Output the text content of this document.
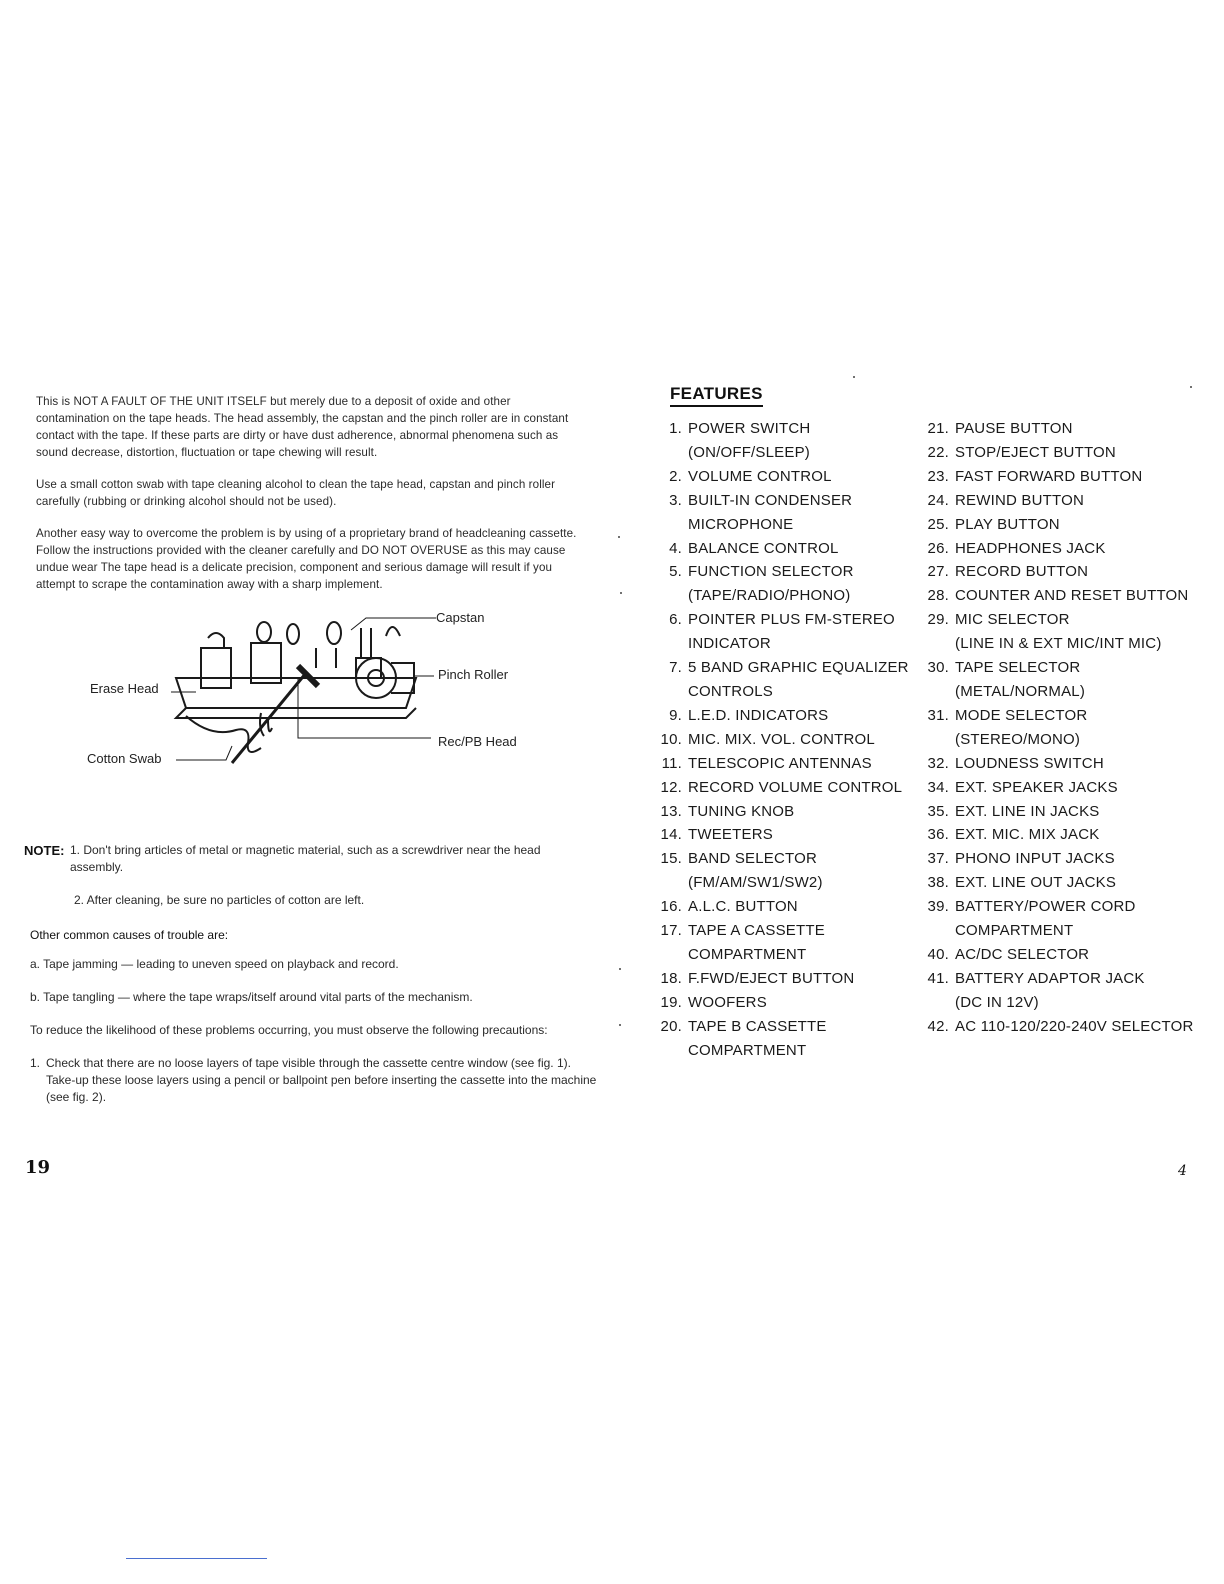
This is NOT A FAULT OF THE UNIT ITSELF but merely due to a deposit of oxide and other contamination on the tape heads. The head assembly, the capstan and the pinch roller are in constant contact with the tape. If these parts are dirty or have dust adherence, abnormal phenomena such as sound decrease, distortion, fluctuation or tape chewing will result.

Use a small cotton swab with tape cleaning alcohol to clean the tape head, capstan and pinch roller carefully (rubbing or drinking alcohol should not be used).

Another easy way to overcome the problem is by using of a proprietary brand of headcleaning cassette. Follow the instructions provided with the cleaner carefully and DO NOT OVERUSE as this may cause undue wear The tape head is a delicate precision, component and serious damage will result if you attempt to scrape the contamination away with a sharp implement.

Capstan
Pinch Roller
Erase Head
Rec/PB Head
Cotton Swab
NOTE: 1. Don't bring articles of metal or magnetic material, such as a screwdriver near the head assembly.
2. After cleaning, be sure no particles of cotton are left.
Other common causes of trouble are:
a. Tape jamming — leading to uneven speed on playback and record.
b. Tape tangling — where the tape wraps/itself around vital parts of the mechanism.
To reduce the likelihood of these problems occurring, you must observe the following precautions:
1. Check that there are no loose layers of tape visible through the cassette centre window (see fig. 1). Take-up these loose layers using a pencil or ballpoint pen before inserting the cassette into the machine (see fig. 2).
19
FEATURES
1. POWER SWITCH
(ON/OFF/SLEEP)
2. VOLUME CONTROL
3. BUILT-IN CONDENSER
MICROPHONE
4. BALANCE CONTROL
5. FUNCTION SELECTOR
(TAPE/RADIO/PHONO)
6. POINTER PLUS FM-STEREO
INDICATOR
7. 5 BAND GRAPHIC EQUALIZER
CONTROLS
9. L.E.D. INDICATORS
10. MIC. MIX. VOL. CONTROL
11. TELESCOPIC ANTENNAS
12. RECORD VOLUME CONTROL
13. TUNING KNOB
14. TWEETERS
15. BAND SELECTOR
(FM/AM/SW1/SW2)
16. A.L.C. BUTTON
17. TAPE A CASSETTE
COMPARTMENT
18. F.FWD/EJECT BUTTON
19. WOOFERS
20. TAPE B CASSETTE
COMPARTMENT
21. PAUSE BUTTON
22. STOP/EJECT BUTTON
23. FAST FORWARD BUTTON
24. REWIND BUTTON
25. PLAY BUTTON
26. HEADPHONES JACK
27. RECORD BUTTON
28. COUNTER AND RESET BUTTON
29. MIC SELECTOR
(LINE IN & EXT MIC/INT MIC)
30. TAPE SELECTOR
(METAL/NORMAL)
31. MODE SELECTOR
(STEREO/MONO)
32. LOUDNESS SWITCH
34. EXT. SPEAKER JACKS
35. EXT. LINE IN JACKS
36. EXT. MIC. MIX JACK
37. PHONO INPUT JACKS
38. EXT. LINE OUT JACKS
39. BATTERY/POWER CORD
COMPARTMENT
40. AC/DC SELECTOR
41. BATTERY ADAPTOR JACK
(DC IN 12V)
42. AC 110-120/220-240V SELECTOR
4
